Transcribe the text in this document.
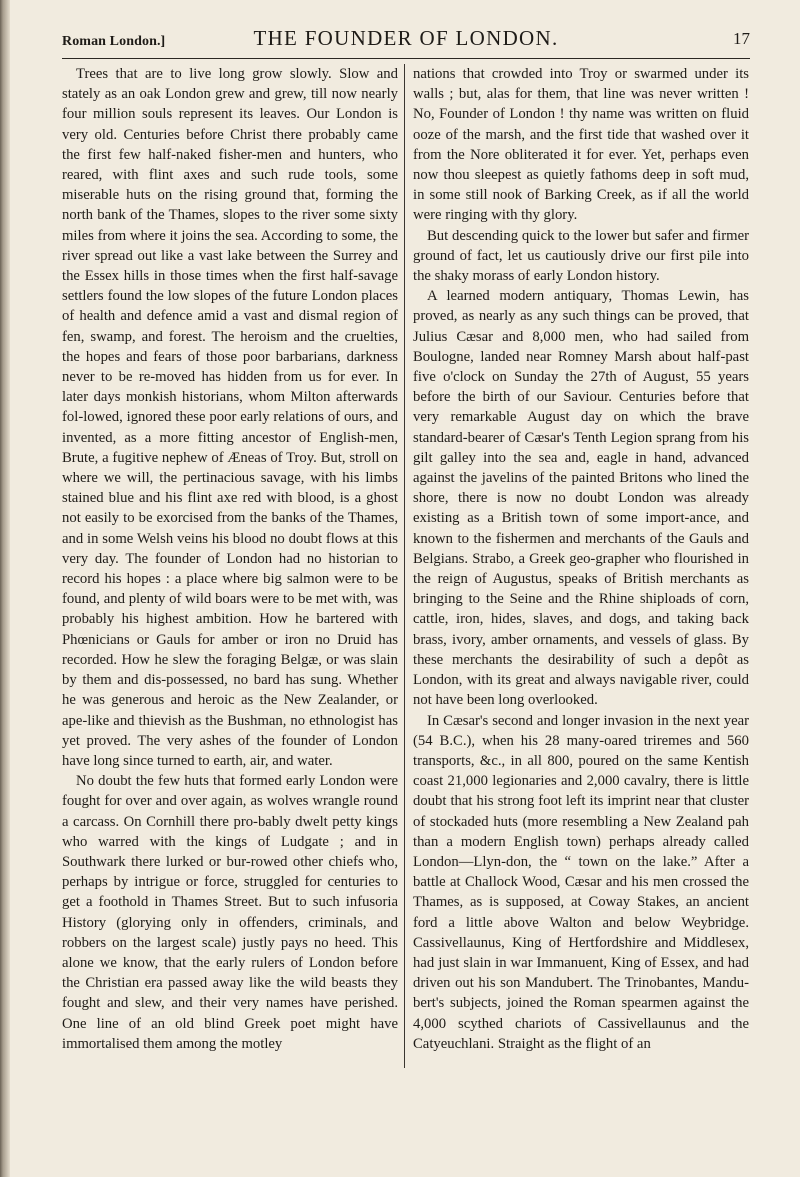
Roman London.]	THE FOUNDER OF LONDON.	17

Trees that are to live long grow slowly. Slow and stately as an oak London grew and grew, till now nearly four million souls represent its leaves. Our London is very old. Centuries before Christ there probably came the first few half-naked fisher-men and hunters, who reared, with flint axes and such rude tools, some miserable huts on the rising ground that, forming the north bank of the Thames, slopes to the river some sixty miles from where it joins the sea. According to some, the river spread out like a vast lake between the Surrey and the Essex hills in those times when the first half-savage settlers found the low slopes of the future London places of health and defence amid a vast and dismal region of fen, swamp, and forest. The heroism and the cruelties, the hopes and fears of those poor barbarians, darkness never to be re-moved has hidden from us for ever. In later days monkish historians, whom Milton afterwards fol-lowed, ignored these poor early relations of ours, and invented, as a more fitting ancestor of English-men, Brute, a fugitive nephew of Æneas of Troy. But, stroll on where we will, the pertinacious savage, with his limbs stained blue and his flint axe red with blood, is a ghost not easily to be exorcised from the banks of the Thames, and in some Welsh veins his blood no doubt flows at this very day. The founder of London had no historian to record his hopes : a place where big salmon were to be found, and plenty of wild boars were to be met with, was probably his highest ambition. How he bartered with Phœnicians or Gauls for amber or iron no Druid has recorded. How he slew the foraging Belgæ, or was slain by them and dis-possessed, no bard has sung. Whether he was generous and heroic as the New Zealander, or ape-like and thievish as the Bushman, no ethnologist has yet proved. The very ashes of the founder of London have long since turned to earth, air, and water.

No doubt the few huts that formed early London were fought for over and over again, as wolves wrangle round a carcass. On Cornhill there pro-bably dwelt petty kings who warred with the kings of Ludgate ; and in Southwark there lurked or bur-rowed other chiefs who, perhaps by intrigue or force, struggled for centuries to get a foothold in Thames Street. But to such infusoria History (glorying only in offenders, criminals, and robbers on the largest scale) justly pays no heed. This alone we know, that the early rulers of London before the Christian era passed away like the wild beasts they fought and slew, and their very names have perished. One line of an old blind Greek poet might have immortalised them among the motley

nations that crowded into Troy or swarmed under its walls ; but, alas for them, that line was never written ! No, Founder of London ! thy name was written on fluid ooze of the marsh, and the first tide that washed over it from the Nore obliterated it for ever. Yet, perhaps even now thou sleepest as quietly fathoms deep in soft mud, in some still nook of Barking Creek, as if all the world were ringing with thy glory.

But descending quick to the lower but safer and firmer ground of fact, let us cautiously drive our first pile into the shaky morass of early London history.

A learned modern antiquary, Thomas Lewin, has proved, as nearly as any such things can be proved, that Julius Cæsar and 8,000 men, who had sailed from Boulogne, landed near Romney Marsh about half-past five o'clock on Sunday the 27th of August, 55 years before the birth of our Saviour. Centuries before that very remarkable August day on which the brave standard-bearer of Cæsar's Tenth Legion sprang from his gilt galley into the sea and, eagle in hand, advanced against the javelins of the painted Britons who lined the shore, there is now no doubt London was already existing as a British town of some import-ance, and known to the fishermen and merchants of the Gauls and Belgians. Strabo, a Greek geo-grapher who flourished in the reign of Augustus, speaks of British merchants as bringing to the Seine and the Rhine shiploads of corn, cattle, iron, hides, slaves, and dogs, and taking back brass, ivory, amber ornaments, and vessels of glass. By these merchants the desirability of such a depôt as London, with its great and always navigable river, could not have been long overlooked.

In Cæsar's second and longer invasion in the next year (54 B.C.), when his 28 many-oared triremes and 560 transports, &c., in all 800, poured on the same Kentish coast 21,000 legionaries and 2,000 cavalry, there is little doubt that his strong foot left its imprint near that cluster of stockaded huts (more resembling a New Zealand pah than a modern English town) perhaps already called London—Llyn-don, the “ town on the lake.” After a battle at Challock Wood, Cæsar and his men crossed the Thames, as is supposed, at Coway Stakes, an ancient ford a little above Walton and below Weybridge. Cassivellaunus, King of Hertfordshire and Middlesex, had just slain in war Immanuent, King of Essex, and had driven out his son Mandubert. The Trinobantes, Mandu-bert's subjects, joined the Roman spearmen against the 4,000 scythed chariots of Cassivellaunus and the Catyeuchlani. Straight as the flight of an
